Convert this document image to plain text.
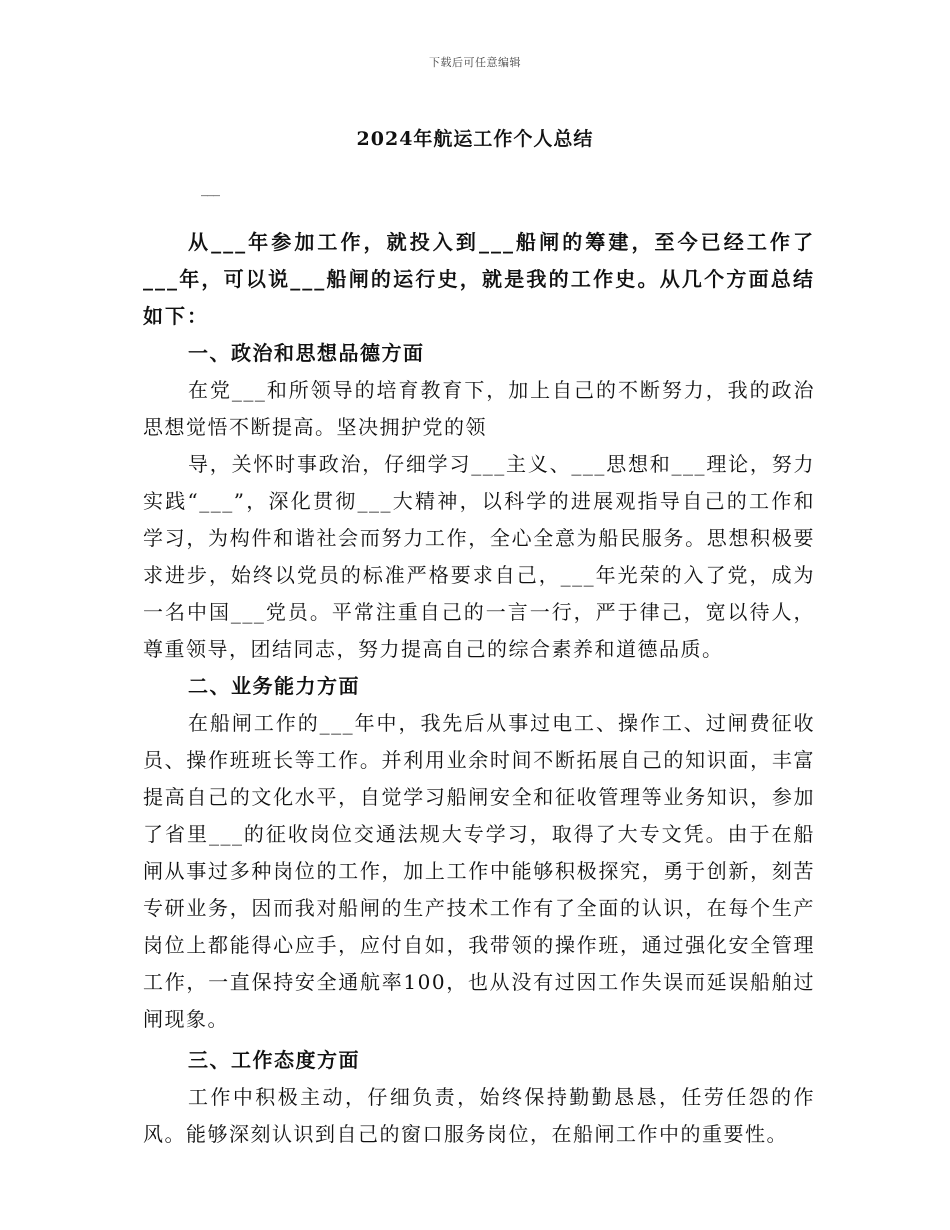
下载后可任意编辑
2024年航运工作个人总结
___

从___年参加工作，就投入到___船闸的筹建，至今已经工作了___年，可以说___船闸的运行史，就是我的工作史。从几个方面总结如下：

一、政治和思想品德方面

在党___和所领导的培育教育下，加上自己的不断努力，我的政治思想觉悟不断提高。坚决拥护党的领

导，关怀时事政治，仔细学习___主义、___思想和___理论，努力实践“___”，深化贯彻___大精神，以科学的进展观指导自己的工作和学习，为构件和谐社会而努力工作，全心全意为船民服务。思想积极要求进步，始终以党员的标准严格要求自己，___年光荣的入了党，成为一名中国___党员。平常注重自己的一言一行，严于律己，宽以待人，尊重领导，团结同志，努力提高自己的综合素养和道德品质。

二、业务能力方面

在船闸工作的___年中，我先后从事过电工、操作工、过闸费征收员、操作班班长等工作。并利用业余时间不断拓展自己的知识面，丰富提高自己的文化水平，自觉学习船闸安全和征收管理等业务知识，参加了省里___的征收岗位交通法规大专学习，取得了大专文凭。由于在船闸从事过多种岗位的工作，加上工作中能够积极探究，勇于创新，刻苦专研业务，因而我对船闸的生产技术工作有了全面的认识，在每个生产岗位上都能得心应手，应付自如，我带领的操作班，通过强化安全管理工作，一直保持安全通航率100，也从没有过因工作失误而延误船舶过闸现象。

三、工作态度方面

工作中积极主动，仔细负责，始终保持勤勤恳恳，任劳任怨的作风。能够深刻认识到自己的窗口服务岗位，在船闸工作中的重要性。
